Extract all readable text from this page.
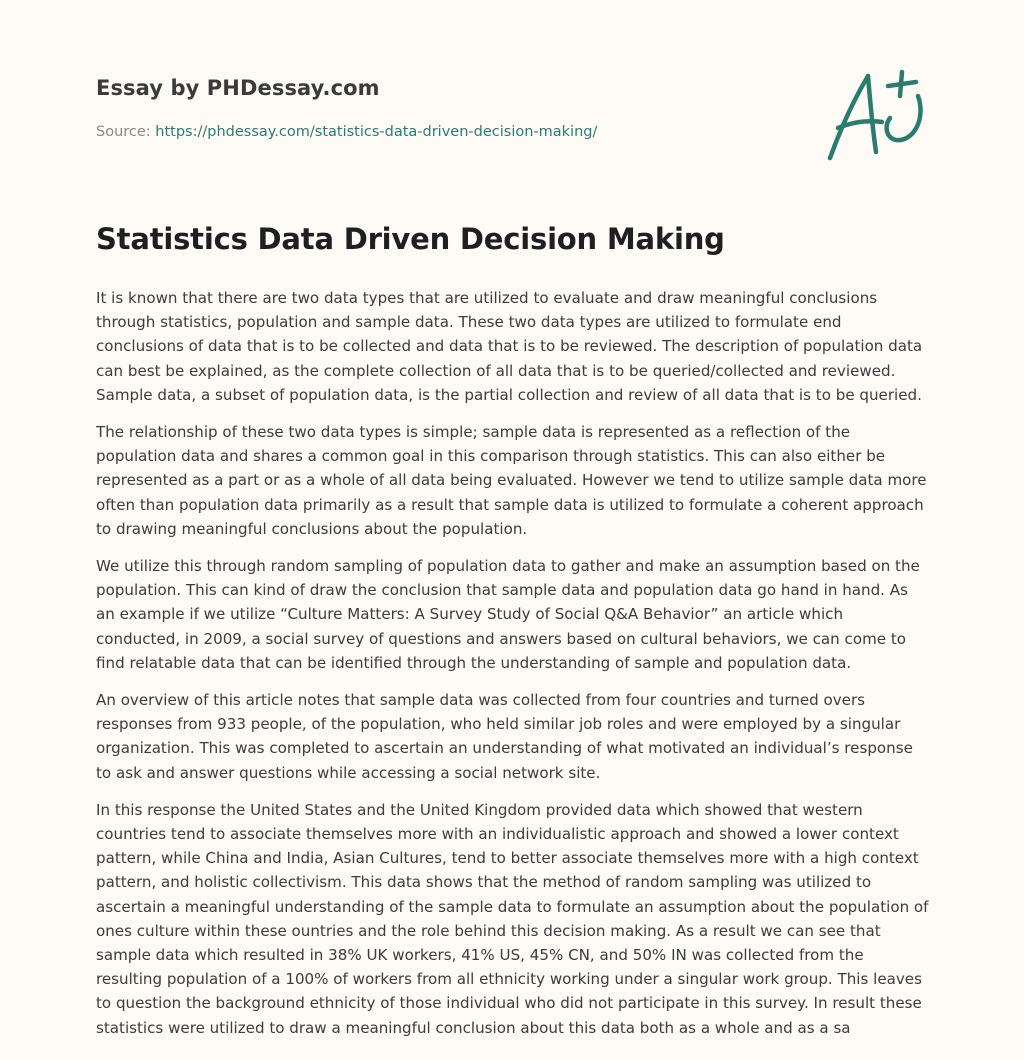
Essay by PHDessay.com
Source: https://phdessay.com/statistics-data-driven-decision-making/
Statistics Data Driven Decision Making

It is known that there are two data types that are utilized to evaluate and draw meaningful conclusions through statistics, population and sample data. These two data types are utilized to formulate end conclusions of data that is to be collected and data that is to be reviewed. The description of population data can best be explained, as the complete collection of all data that is to be queried/collected and reviewed. Sample data, a subset of population data, is the partial collection and review of all data that is to be queried.

The relationship of these two data types is simple; sample data is represented as a reflection of the population data and shares a common goal in this comparison through statistics. This can also either be represented as a part or as a whole of all data being evaluated. However we tend to utilize sample data more often than population data primarily as a result that sample data is utilized to formulate a coherent approach to drawing meaningful conclusions about the population.

We utilize this through random sampling of population data to gather and make an assumption based on the population. This can kind of draw the conclusion that sample data and population data go hand in hand. As an example if we utilize “Culture Matters: A Survey Study of Social Q&A Behavior” an article which conducted, in 2009, a social survey of questions and answers based on cultural behaviors, we can come to find relatable data that can be identified through the understanding of sample and population data.

An overview of this article notes that sample data was collected from four countries and turned overs responses from 933 people, of the population, who held similar job roles and were employed by a singular organization. This was completed to ascertain an understanding of what motivated an individual’s response to ask and answer questions while accessing a social network site.

In this response the United States and the United Kingdom provided data which showed that western countries tend to associate themselves more with an individualistic approach and showed a lower context pattern, while China and India, Asian Cultures, tend to better associate themselves more with a high context pattern, and holistic collectivism. This data shows that the method of random sampling was utilized to ascertain a meaningful understanding of the sample data to formulate an assumption about the population of ones culture within these ountries and the role behind this decision making. As a result we can see that sample data which resulted in 38% UK workers, 41% US, 45% CN, and 50% IN was collected from the resulting population of a 100% of workers from all ethnicity working under a singular work group. This leaves to question the background ethnicity of those individual who did not participate in this survey. In result these statistics were utilized to draw a meaningful conclusion about this data both as a whole and as a sa
